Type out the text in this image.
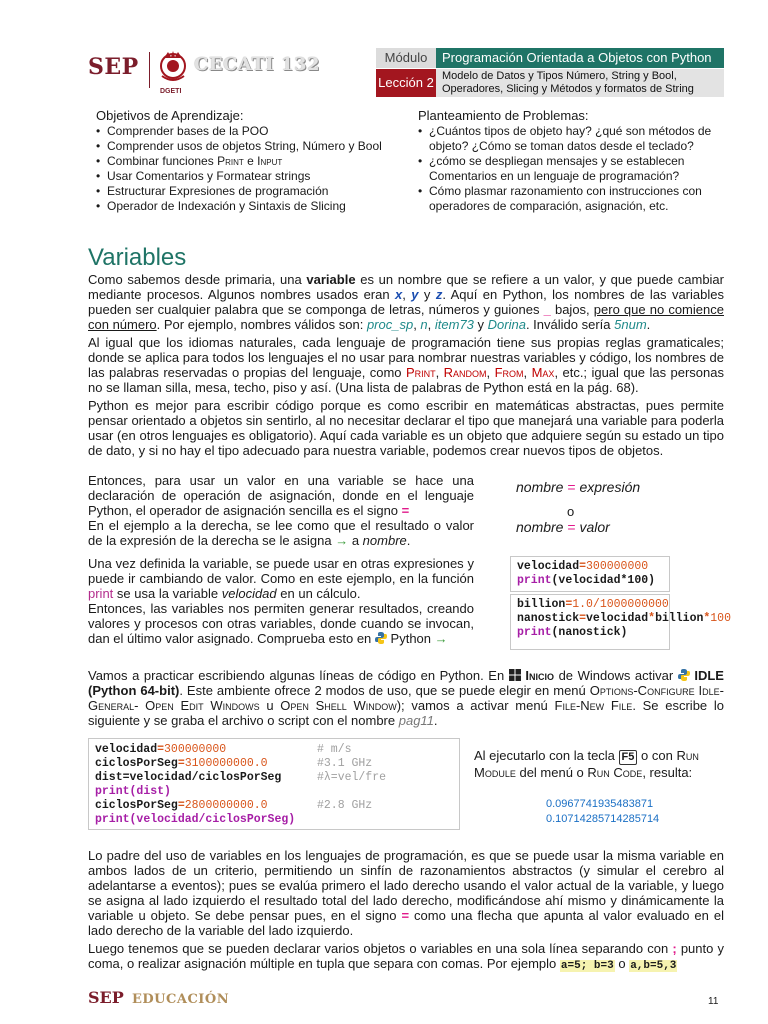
SEP
DGETI
CECATI 132	Módulo	Programación Orientada a Objetos con Python
Lección 2 Modelo de Datos y Tipos Número, String y Bool,
Operadores, Slicing y Métodos y formatos de String
Objetivos de Aprendizaje:
• Comprender bases de la POO
• Comprender usos de objetos String, Número y Bool
• Combinar funciones Print e Input
• Usar Comentarios y Formatear strings
• Estructurar Expresiones de programación
• Operador de Indexación y Sintaxis de Slicing
Planteamiento de Problemas:
• ¿Cuántos tipos de objeto hay? ¿qué son métodos de objeto? ¿Cómo se toman datos desde el teclado?
• ¿cómo se despliegan mensajes y se establecen Comentarios en un lenguaje de programación?
• Cómo plasmar razonamiento con instrucciones con operadores de comparación, asignación, etc.
Variables
Como sabemos desde primaria, una variable es un nombre que se refiere a un valor, y que puede cambiar mediante procesos. Algunos nombres usados eran x, y y z. Aquí en Python, los nombres de las variables pueden ser cualquier palabra que se componga de letras, números y guiones _ bajos, pero que no comience con número. Por ejemplo, nombres válidos son: proc_sp, n, item73 y Dorina. Inválido sería 5num.
Al igual que los idiomas naturales, cada lenguaje de programación tiene sus propias reglas gramaticales; donde se aplica para todos los lenguajes el no usar para nombrar nuestras variables y código, los nombres de las palabras reservadas o propias del lenguaje, como Print, Random, From, Max, etc.; igual que las personas no se llaman silla, mesa, techo, piso y así. (Una lista de palabras de Python está en la pág. 68).
Python es mejor para escribir código porque es como escribir en matemáticas abstractas, pues permite pensar orientado a objetos sin sentirlo, al no necesitar declarar el tipo que manejará una variable para poderla usar (en otros lenguajes es obligatorio). Aquí cada variable es un objeto que adquiere según su estado un tipo de dato, y si no hay el tipo adecuado para nuestra variable, podemos crear nuevos tipos de objetos.
Entonces, para usar un valor en una variable se hace una declaración de operación de asignación, donde en el lenguaje Python, el operador de asignación sencilla es el signo =
En el ejemplo a la derecha, se lee como que el resultado o valor de la expresión de la derecha se le asigna → a nombre.
nombre = expresión
o
nombre = valor
Una vez definida la variable, se puede usar en otras expresiones y puede ir cambiando de valor. Como en este ejemplo, en la función print se usa la variable velocidad en un cálculo.
Entonces, las variables nos permiten generar resultados, creando valores y procesos con otras variables, donde cuando se invocan, dan el último valor asignado. Comprueba esto en Python →
velocidad=300000000
print(velocidad*100)
billion=1.0/1000000000
nanostick=velocidad*billion*100
print(nanostick)
Vamos a practicar escribiendo algunas líneas de código en Python. En Inicio de Windows activar IDLE (Python 64-bit). Este ambiente ofrece 2 modos de uso, que se puede elegir en menú Options-Configure Idle-General- Open Edit Windows u Open Shell Window); vamos a activar menú File-New File. Se escribe lo siguiente y se graba el archivo o script con el nombre pag11.
velocidad=300000000	# m/s
ciclosPorSeg=3100000000.0	#3.1 GHz
dist=velocidad/ciclosPorSeg	#λ=vel/fre
print(dist)
ciclosPorSeg=2800000000.0	#2.8 GHz
print(velocidad/ciclosPorSeg)
Al ejecutarlo con la tecla F5 o con Run Module del menú o Run Code, resulta:
0.0967741935483871
0.10714285714285714
Lo padre del uso de variables en los lenguajes de programación, es que se puede usar la misma variable en ambos lados de un criterio, permitiendo un sinfín de razonamientos abstractos (y simular el cerebro al adelantarse a eventos); pues se evalúa primero el lado derecho usando el valor actual de la variable, y luego se asigna al lado izquierdo el resultado total del lado derecho, modificándose ahí mismo y dinámicamente la variable u objeto. Se debe pensar pues, en el signo = como una flecha que apunta al valor evaluado en el lado derecho de la variable del lado izquierdo.
Luego tenemos que se pueden declarar varios objetos o variables en una sola línea separando con ; punto y coma, o realizar asignación múltiple en tupla que separa con comas. Por ejemplo a=5; b=3 o a,b=5,3
SEP EDUCACIÓN	11
